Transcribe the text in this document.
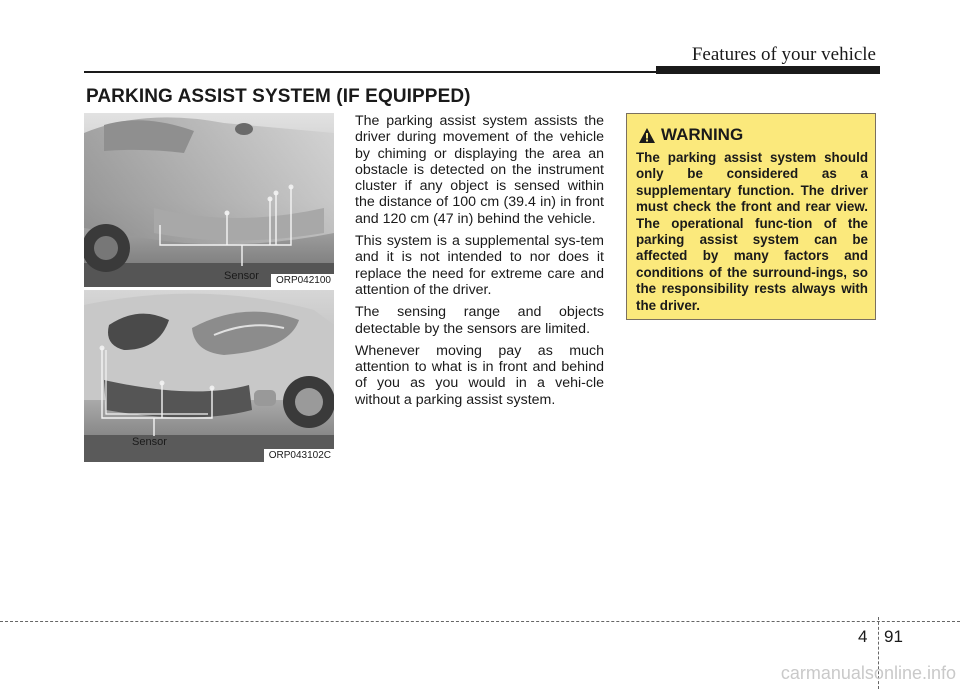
Features of your vehicle
PARKING ASSIST SYSTEM (IF EQUIPPED)
Sensor	ORP042100
Sensor
ORP043102C

The parking assist system assists the driver during movement of the vehicle by chiming or displaying the area an obstacle is detected on the instrument cluster if any object is sensed within the distance of 100 cm (39.4 in) in front and 120 cm (47 in) behind the vehicle.

This system is a supplemental sys-tem and it is not intended to nor does it replace the need for extreme care and attention of the driver.

The sensing range and objects detectable by the sensors are limited.

Whenever moving pay as much attention to what is in front and behind of you as you would in a vehi-cle without a parking assist system.

WARNING
The parking assist system should only be considered as a supplementary function. The driver must check the front and rear view. The operational func-tion of the parking assist system can be affected by many factors and conditions of the surround-ings, so the responsibility rests always with the driver.
4 91
carmanualsonline.info
